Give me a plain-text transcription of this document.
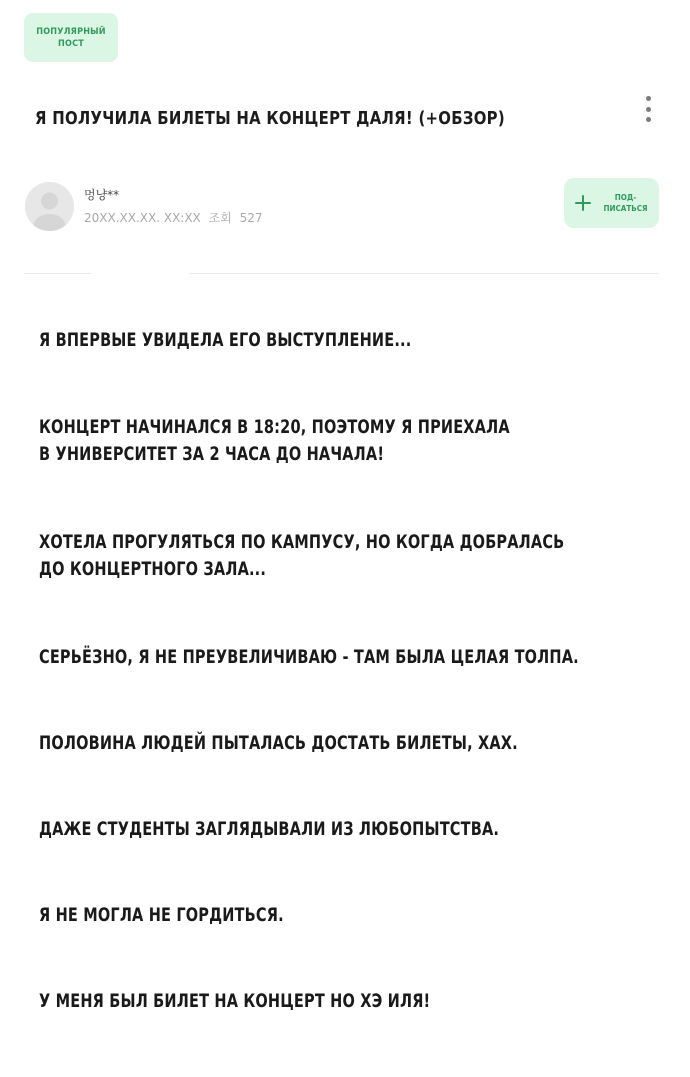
ПОПУЛЯРНЫЙ
ПОСТ
Я ПОЛУЧИЛА БИЛЕТЫ НА КОНЦЕРТ ДАЛЯ! (+ОБЗОР)
멍냥**
20XX.XX.XX. XX:XX 조회 527
ПОД-
ПИСАТЬСЯ
Я ВПЕРВЫЕ УВИДЕЛА ЕГО ВЫСТУПЛЕНИЕ...
КОНЦЕРТ НАЧИНАЛСЯ В 18:20, ПОЭТОМУ Я ПРИЕХАЛА
В УНИВЕРСИТЕТ ЗА 2 ЧАСА ДО НАЧАЛА!
ХОТЕЛА ПРОГУЛЯТЬСЯ ПО КАМПУСУ, НО КОГДА ДОБРАЛАСЬ
ДО КОНЦЕРТНОГО ЗАЛА...
СЕРЬЁЗНО, Я НЕ ПРЕУВЕЛИЧИВАЮ - ТАМ БЫЛА ЦЕЛАЯ ТОЛПА.
ПОЛОВИНА ЛЮДЕЙ ПЫТАЛАСЬ ДОСТАТЬ БИЛЕТЫ, ХАХ.
ДАЖЕ СТУДЕНТЫ ЗАГЛЯДЫВАЛИ ИЗ ЛЮБОПЫТСТВА.
Я НЕ МОГЛА НЕ ГОРДИТЬСЯ.
У МЕНЯ БЫЛ БИЛЕТ НА КОНЦЕРТ НО ХЭ ИЛЯ!
